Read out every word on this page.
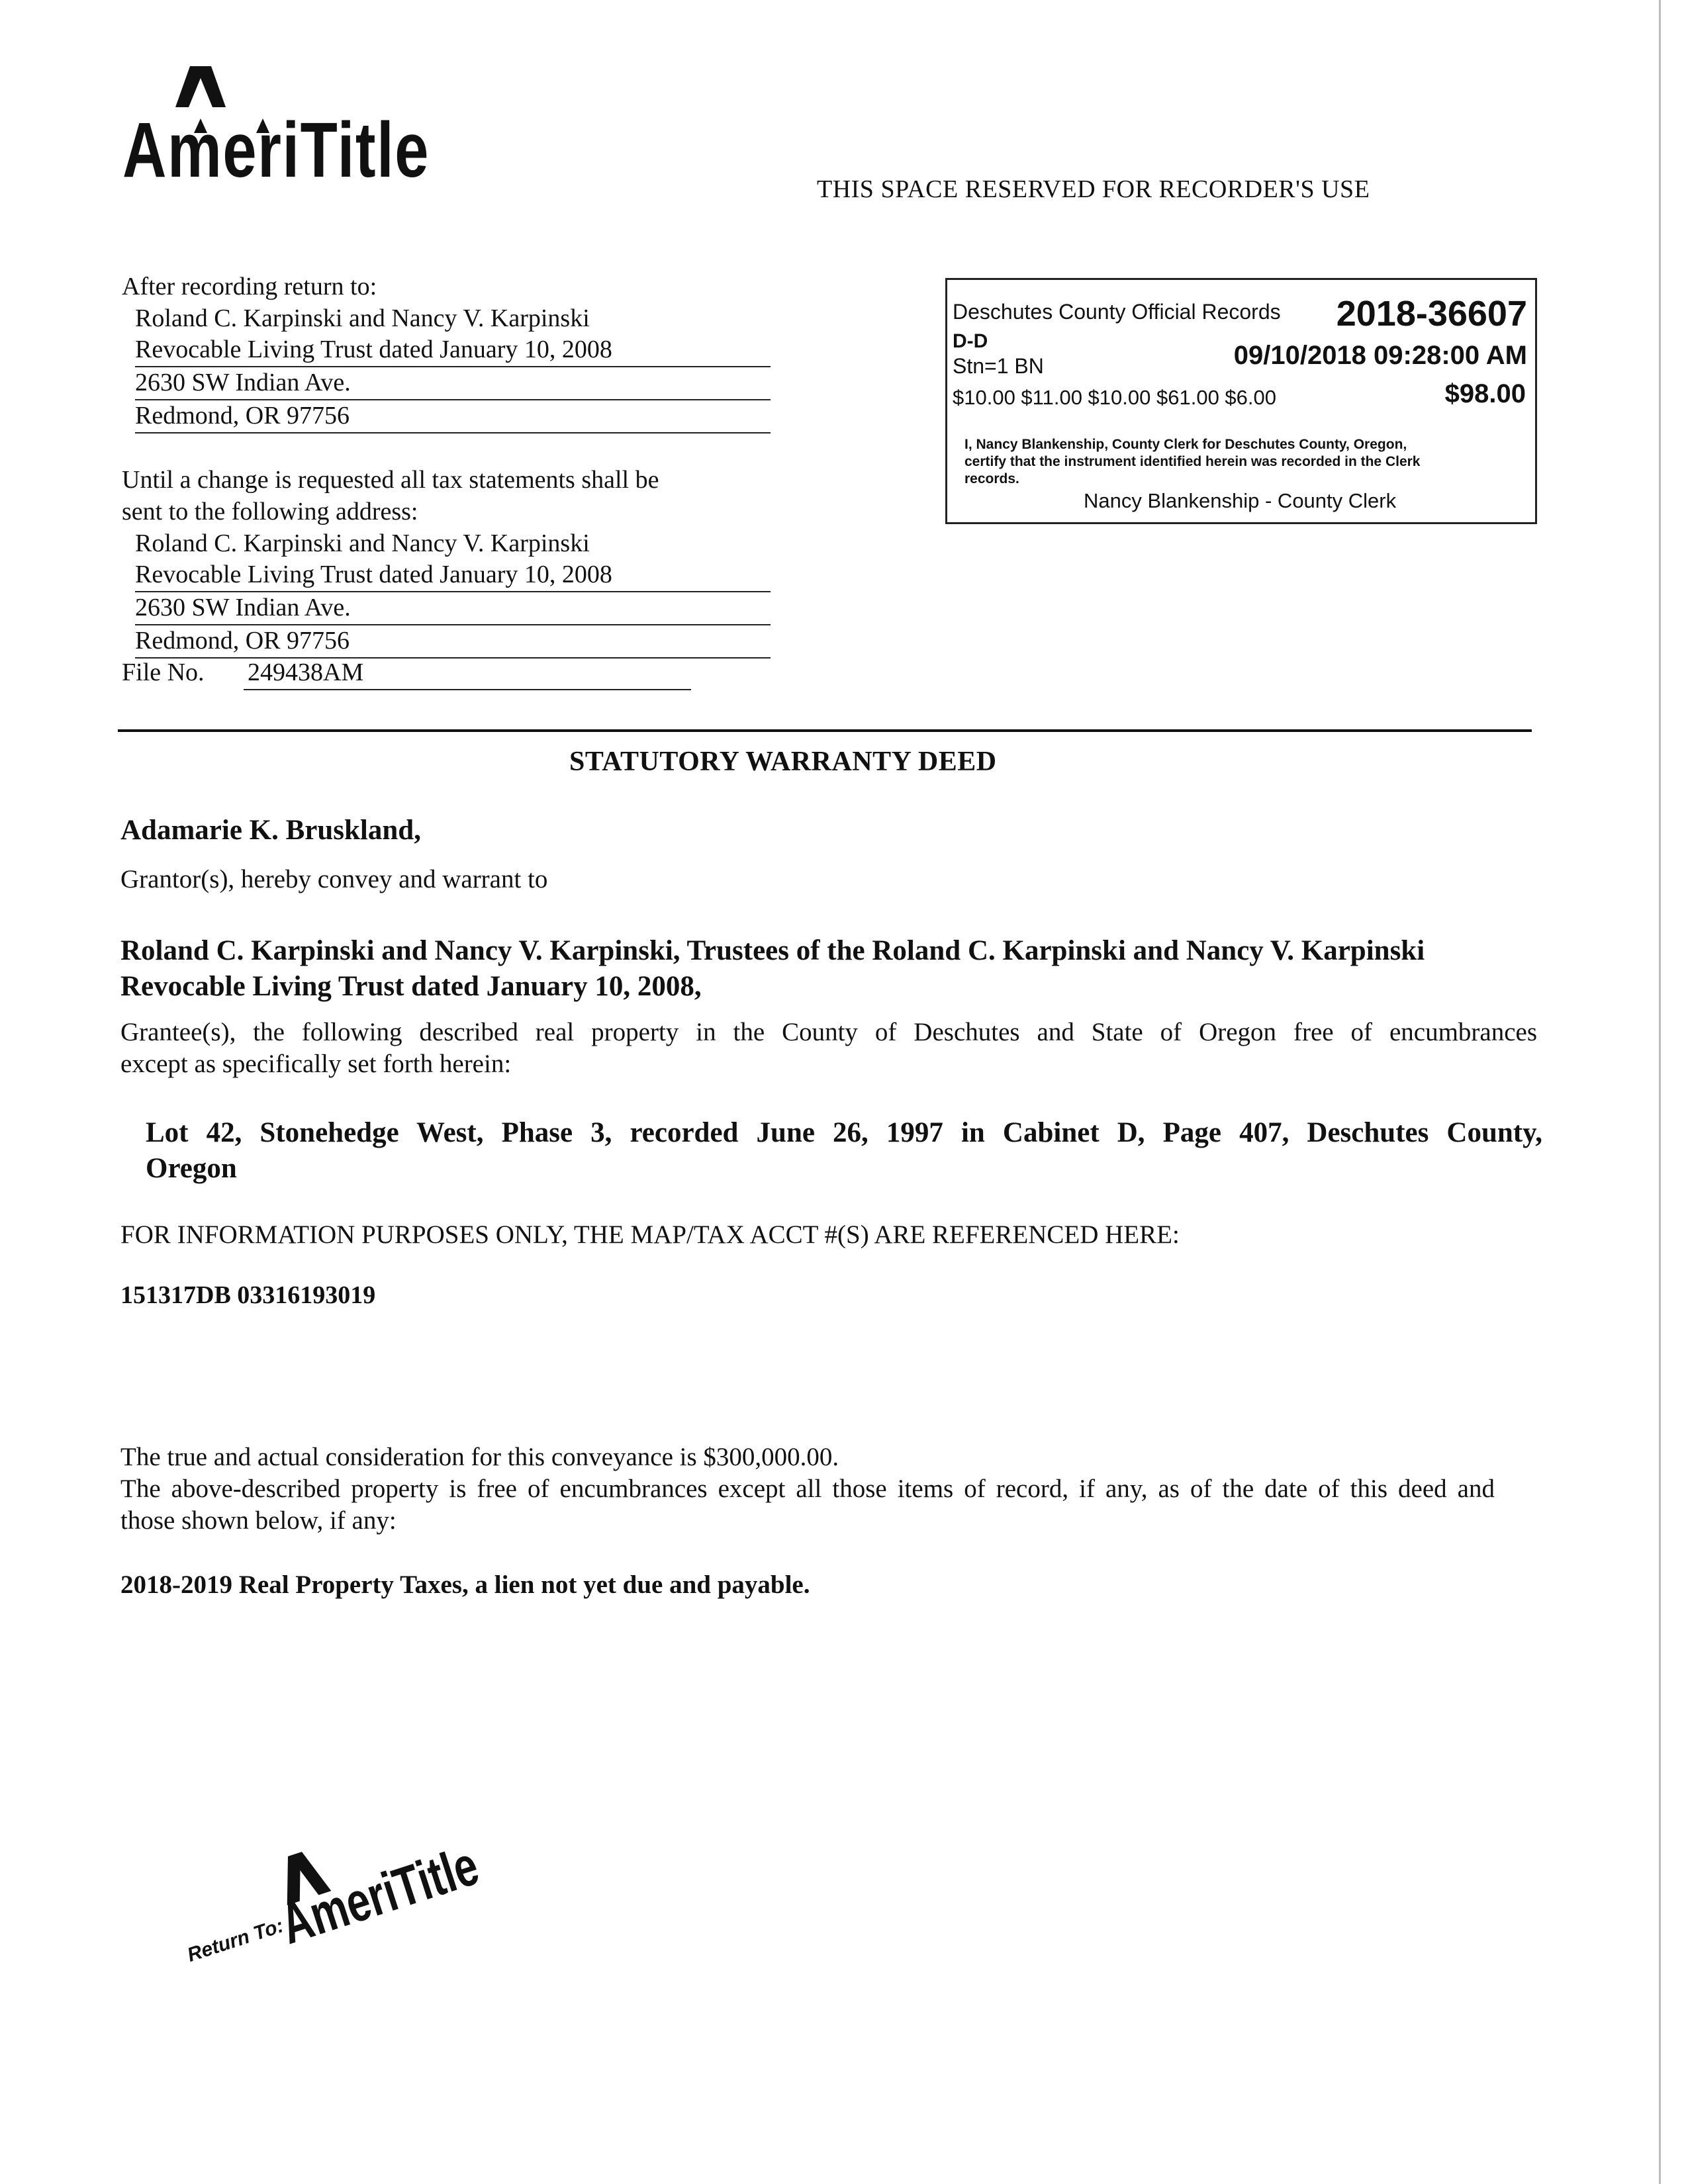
AmeriTitle	THIS SPACE RESERVED FOR RECORDER'S USE
After recording return to:
Roland C. Karpinski and Nancy V. Karpinski
Revocable Living Trust dated January 10, 2008
2630 SW Indian Ave.
Redmond, OR 97756
Until a change is requested all tax statements shall be
sent to the following address:
Roland C. Karpinski and Nancy V. Karpinski
Revocable Living Trust dated January 10, 2008
2630 SW Indian Ave.
Redmond, OR 97756
File No. 249438AM
Deschutes County Official Records 2018-36607
D-D
Stn=1 BN	09/10/2018 09:28:00 AM
$10.00 $11.00 $10.00 $61.00 $6.00	$98.00
I, Nancy Blankenship, County Clerk for Deschutes County, Oregon,
certify that the instrument identified herein was recorded in the Clerk
records.
Nancy Blankenship - County Clerk
STATUTORY WARRANTY DEED
Adamarie K. Bruskland,
Grantor(s), hereby convey and warrant to
Roland C. Karpinski and Nancy V. Karpinski, Trustees of the Roland C. Karpinski and Nancy V. Karpinski
Revocable Living Trust dated January 10, 2008,
Grantee(s), the following described real property in the County of Deschutes and State of Oregon free of encumbrances
except as specifically set forth herein:
Lot 42, Stonehedge West, Phase 3, recorded June 26, 1997 in Cabinet D, Page 407, Deschutes County,
Oregon
FOR INFORMATION PURPOSES ONLY, THE MAP/TAX ACCT #(S) ARE REFERENCED HERE:
151317DB 03316193019
The true and actual consideration for this conveyance is $300,000.00.
The above-described property is free of encumbrances except all those items of record, if any, as of the date of this deed and
those shown below, if any:
2018-2019 Real Property Taxes, a lien not yet due and payable.
Return To:
AmeriTitle
